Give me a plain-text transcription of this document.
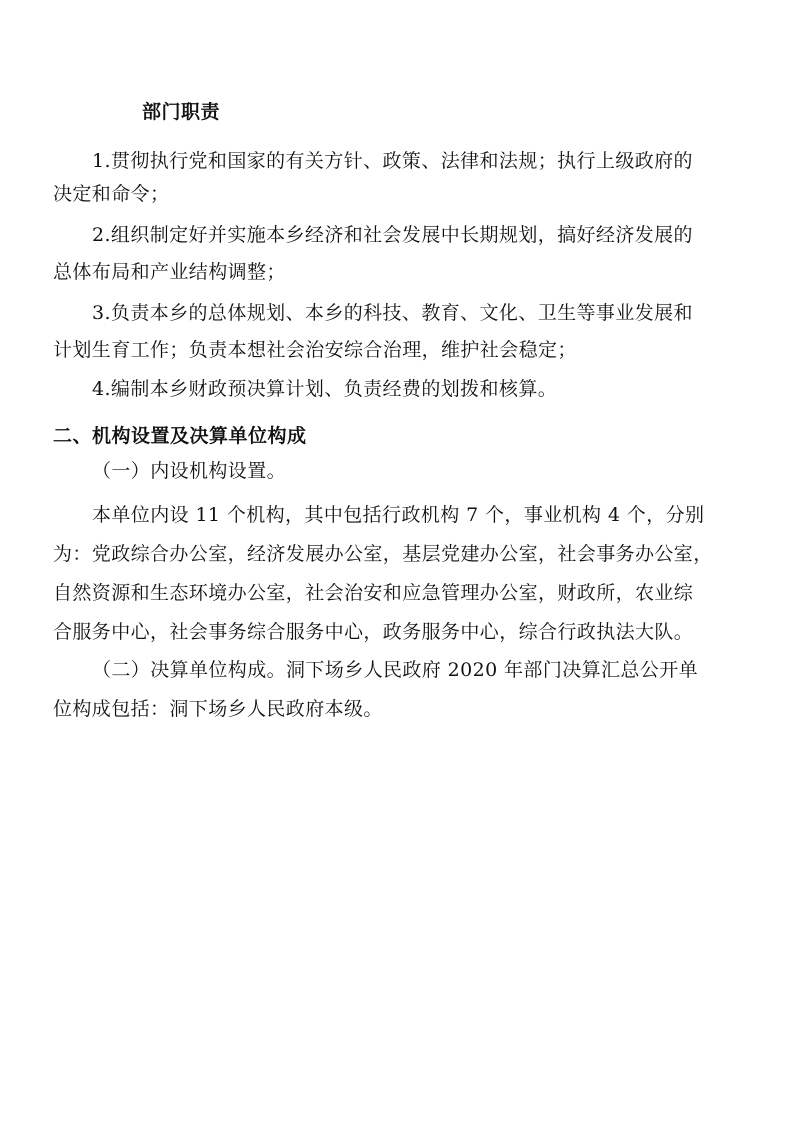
部门职责
1.贯彻执行党和国家的有关方针、政策、法律和法规；执行上级政府的
决定和命令；
2.组织制定好并实施本乡经济和社会发展中长期规划，搞好经济发展的
总体布局和产业结构调整；
3.负责本乡的总体规划、本乡的科技、教育、文化、卫生等事业发展和
计划生育工作；负责本想社会治安综合治理，维护社会稳定；
4.编制本乡财政预决算计划、负责经费的划拨和核算。
二、机构设置及决算单位构成
（一）内设机构设置。
本单位内设 11 个机构，其中包括行政机构 7 个，事业机构 4 个，分别
为：党政综合办公室，经济发展办公室，基层党建办公室，社会事务办公室，
自然资源和生态环境办公室，社会治安和应急管理办公室，财政所，农业综
合服务中心，社会事务综合服务中心，政务服务中心，综合行政执法大队。
（二）决算单位构成。洞下场乡人民政府 2020 年部门决算汇总公开单
位构成包括：洞下场乡人民政府本级。
